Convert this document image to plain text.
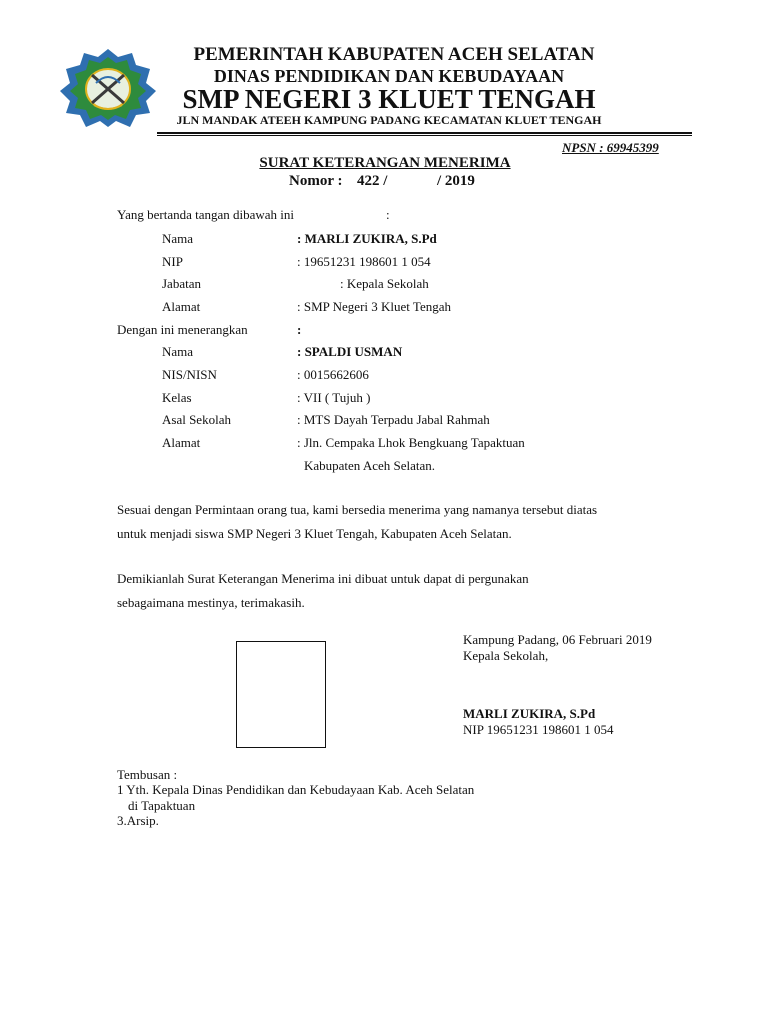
PEMERINTAH KABUPATEN ACEH SELATAN
DINAS PENDIDIKAN DAN KEBUDAYAAN
SMP NEGERI 3 KLUET TENGAH
JLN MANDAK ATEEH KAMPUNG PADANG KECAMATAN KLUET TENGAH
NPSN : 69945399
SURAT KETERANGAN MENERIMA
Nomor : 422 /	/ 2019
Yang bertanda tangan dibawah ini	:
Nama	: MARLI ZUKIRA, S.Pd
NIP	: 19651231 198601 1 054
Jabatan	: Kepala Sekolah
Alamat	: SMP Negeri 3 Kluet Tengah
Dengan ini menerangkan	:
Nama	: SPALDI USMAN
NIS/NISN	: 0015662606
Kelas	: VII ( Tujuh )
Asal Sekolah	: MTS Dayah Terpadu Jabal Rahmah
Alamat	: Jln. Cempaka Lhok Bengkuang Tapaktuan
Kabupaten Aceh Selatan.
Sesuai dengan Permintaan orang tua, kami bersedia menerima yang namanya tersebut diatas
untuk menjadi siswa SMP Negeri 3 Kluet Tengah, Kabupaten Aceh Selatan.
Demikianlah Surat Keterangan Menerima ini dibuat untuk dapat di pergunakan
sebagaimana mestinya, terimakasih.
Kampung Padang, 06 Februari 2019
Kepala Sekolah,
MARLI ZUKIRA, S.Pd
NIP 19651231 198601 1 054
Tembusan :
1 Yth. Kepala Dinas Pendidikan dan Kebudayaan Kab. Aceh Selatan
di Tapaktuan
3.Arsip.
